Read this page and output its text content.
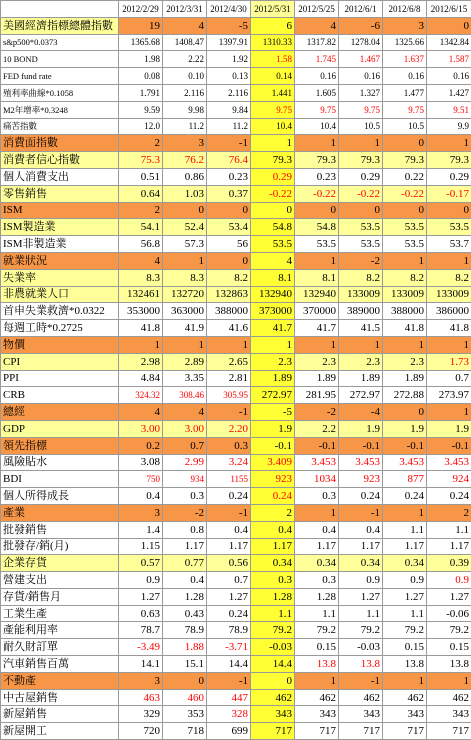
	2012/2/29	2012/3/31	2012/4/30	2012/5/31	2012/5/25	2012/6/1	2012/6/8	2012/6/15
美國經濟指標總體指數	19	4	-5	6	4	-6	3	0
s&p500*0.0373	1365.68	1408.47	1397.91	1310.33	1317.82	1278.04	1325.66	1342.84
10 BOND	1.98	2.22	1.92	1.58	1.745	1.467	1.637	1.587
FED fund rate	0.08	0.10	0.13	0.14	0.16	0.16	0.16	0.16
殖利率曲線*0.1058	1.791	2.116	2.116	1.441	1.605	1.327	1.477	1.427
M2年增率*0.3248	9.59	9.98	9.84	9.75	9.75	9.75	9.75	9.51
痛苦指數	12.0	11.2	11.2	10.4	10.4	10.5	10.5	9.9
消費面指數	2	3	-1	1	1	1	0	1
消費者信心指數	75.3	76.2	76.4	79.3	79.3	79.3	79.3	79.3
個人消費支出	0.51	0.86	0.23	0.29	0.23	0.29	0.22	0.29
零售銷售	0.64	1.03	0.37	-0.22	-0.22	-0.22	-0.22	-0.17
ISM	2	0	0	0	0	0	0	0
ISM製造業	54.1	52.4	53.4	54.8	54.8	53.5	53.5	53.5
ISM非製造業	56.8	57.3	56	53.5	53.5	53.5	53.5	53.7
就業狀況	4	1	0	4	1	-2	1	1
失業率	8.3	8.3	8.2	8.1	8.1	8.2	8.2	8.2
非農就業人口	132461	132720	132863	132940	132940	133009	133009	133009
首申失業救濟*0.0322	353000	363000	388000	373000	370000	389000	388000	386000
每週工時*0.2725	41.8	41.9	41.6	41.7	41.7	41.5	41.8	41.8
物價	1	1	1	1	1	1	1	1
CPI	2.98	2.89	2.65	2.3	2.3	2.3	2.3	1.73
PPI	4.84	3.35	2.81	1.89	1.89	1.89	1.89	0.7
CRB	324.32	308.46	305.95	272.97	281.95	272.97	272.88	273.97
總經	4	4	-1	-5	-2	-4	0	1
GDP	3.00	3.00	2.20	1.9	2.2	1.9	1.9	1.9
領先指標	0.2	0.7	0.3	-0.1	-0.1	-0.1	-0.1	-0.1
風險貼水	3.08	2.99	3.24	3.409	3.453	3.453	3.453	3.453
BDI	750	934	1155	923	1034	923	877	924
個人所得成長	0.4	0.3	0.24	0.24	0.3	0.24	0.24	0.24
產業	3	-2	-1	2	1	-1	1	2
批發銷售	1.4	0.8	0.4	0.4	0.4	0.4	1.1	1.1
批發存/銷(月)	1.15	1.17	1.17	1.17	1.17	1.17	1.17	1.17
企業存貨	0.57	0.77	0.56	0.34	0.34	0.34	0.34	0.39
營建支出	0.9	0.4	0.7	0.3	0.3	0.9	0.9	0.9
存貨/銷售月	1.27	1.28	1.27	1.28	1.28	1.27	1.27	1.27
工業生產	0.63	0.43	0.24	1.1	1.1	1.1	1.1	-0.06
產能利用率	78.7	78.9	78.9	79.2	79.2	79.2	79.2	79.2
耐久財訂單	-3.49	1.88	-3.71	-0.03	0.15	-0.03	0.15	0.15
汽車銷售百萬	14.1	15.1	14.4	14.4	13.8	13.8	13.8	13.8
不動產	3	0	-1	0	1	-1	1	1
中古屋銷售	463	460	447	462	462	462	462	462
新屋銷售	329	353	328	343	343	343	343	343
新屋開工	720	718	699	717	717	717	717	717
